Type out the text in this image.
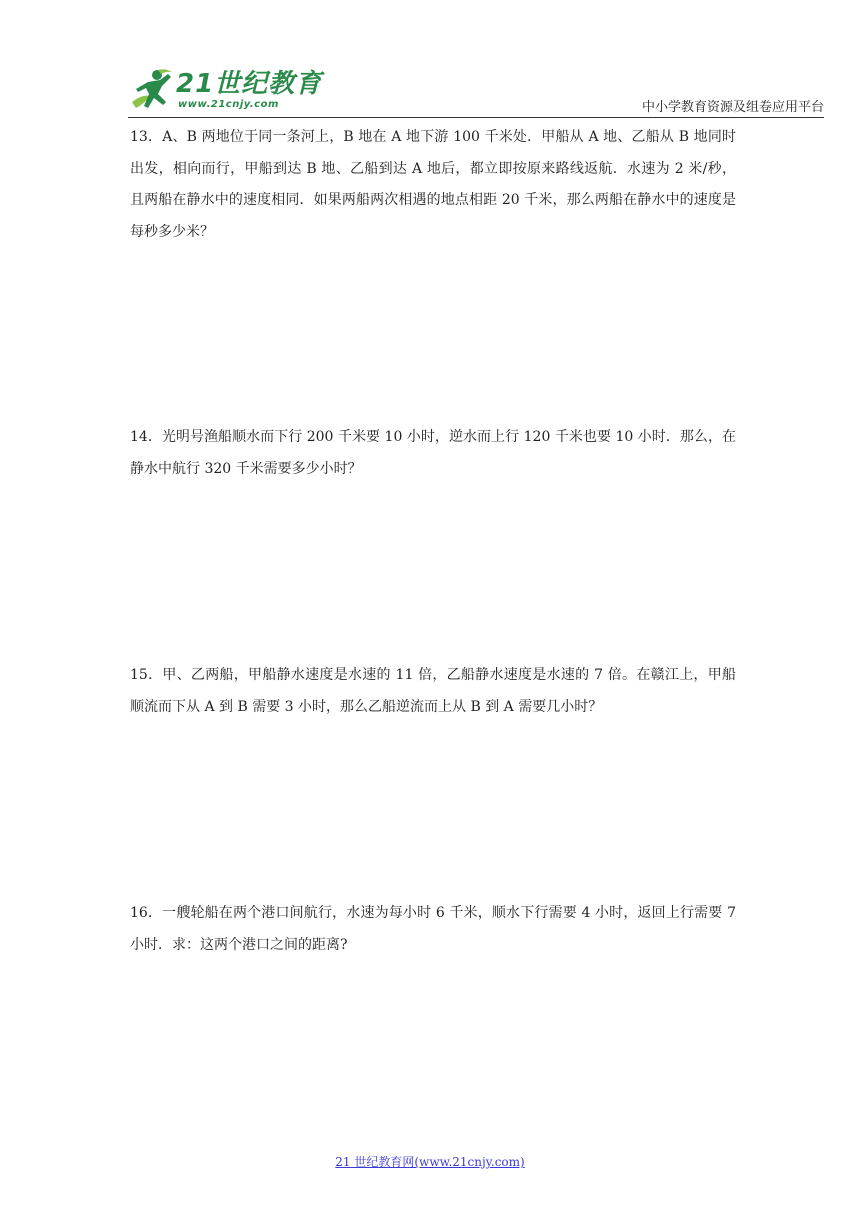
21世纪教育
www.21cnjy.com	中小学教育资源及组卷应用平台
13．A、B 两地位于同一条河上，B 地在 A 地下游 100 千米处．甲船从 A 地、乙船从 B 地同时出发，相向而行，甲船到达 B 地、乙船到达 A 地后，都立即按原来路线返航．水速为 2 米/秒，且两船在静水中的速度相同．如果两船两次相遇的地点相距 20 千米，那么两船在静水中的速度是每秒多少米？
14．光明号渔船顺水而下行 200 千米要 10 小时，逆水而上行 120 千米也要 10 小时．那么，在静水中航行 320 千米需要多少小时？
15．甲、乙两船，甲船静水速度是水速的 11 倍，乙船静水速度是水速的 7 倍。在赣江上，甲船顺流而下从 A 到 B 需要 3 小时，那么乙船逆流而上从 B 到 A 需要几小时？
16．一艘轮船在两个港口间航行，水速为每小时 6 千米，顺水下行需要 4 小时，返回上行需要 7 小时．求：这两个港口之间的距离?
21 世纪教育网(www.21cnjy.com)
